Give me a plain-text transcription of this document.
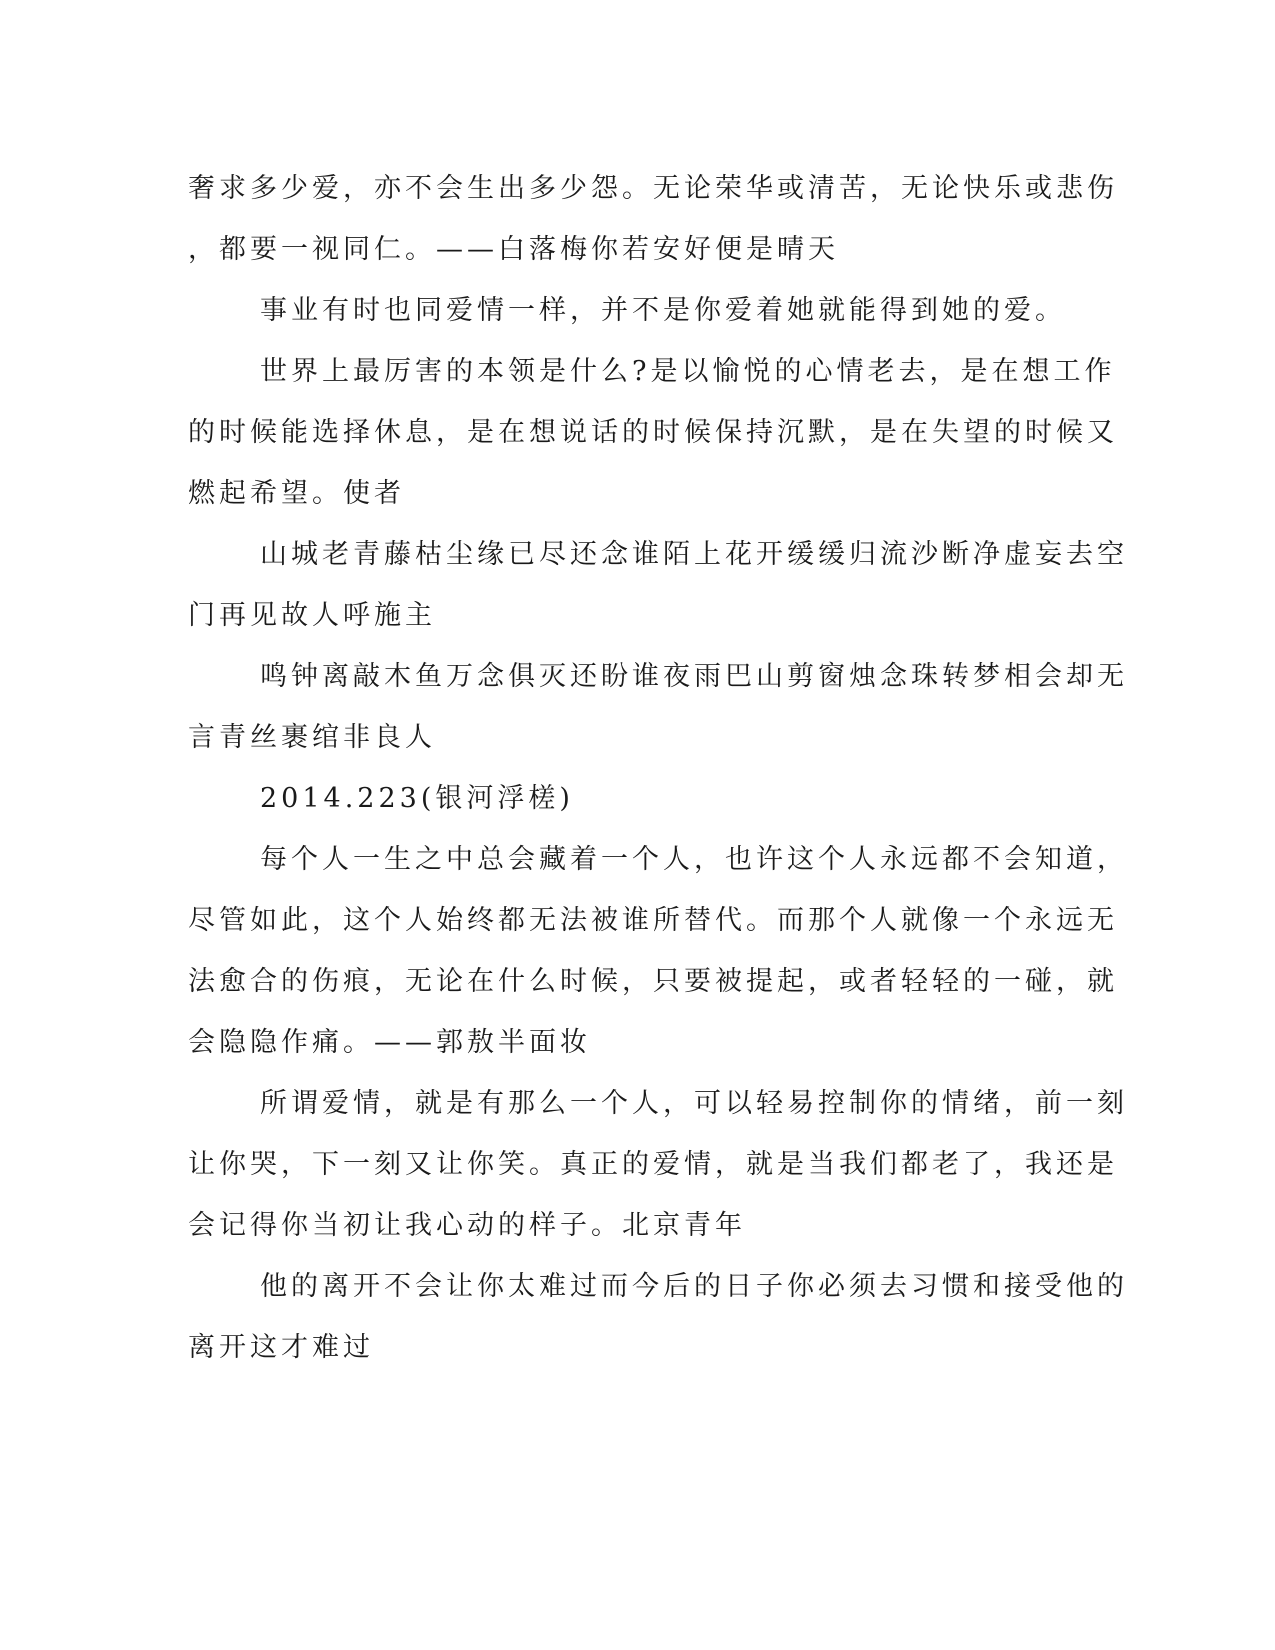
奢求多少爱，亦不会生出多少怨。无论荣华或清苦，无论快乐或悲伤
，都要一视同仁。——白落梅你若安好便是晴天

事业有时也同爱情一样，并不是你爱着她就能得到她的爱。

世界上最厉害的本领是什么?是以愉悦的心情老去，是在想工作

的时候能选择休息，是在想说话的时候保持沉默，是在失望的时候又
燃起希望。使者

山城老青藤枯尘缘已尽还念谁陌上花开缓缓归流沙断净虚妄去空

门再见故人呼施主

鸣钟离敲木鱼万念俱灭还盼谁夜雨巴山剪窗烛念珠转梦相会却无

言青丝裹绾非良人

2014.223(银河浮槎)

每个人一生之中总会藏着一个人，也许这个人永远都不会知道，

尽管如此，这个人始终都无法被谁所替代。而那个人就像一个永远无
法愈合的伤痕，无论在什么时候，只要被提起，或者轻轻的一碰，就
会隐隐作痛。——郭敖半面妆

所谓爱情，就是有那么一个人，可以轻易控制你的情绪，前一刻

让你哭，下一刻又让你笑。真正的爱情，就是当我们都老了，我还是
会记得你当初让我心动的样子。北京青年

他的离开不会让你太难过而今后的日子你必须去习惯和接受他的

离开这才难过
